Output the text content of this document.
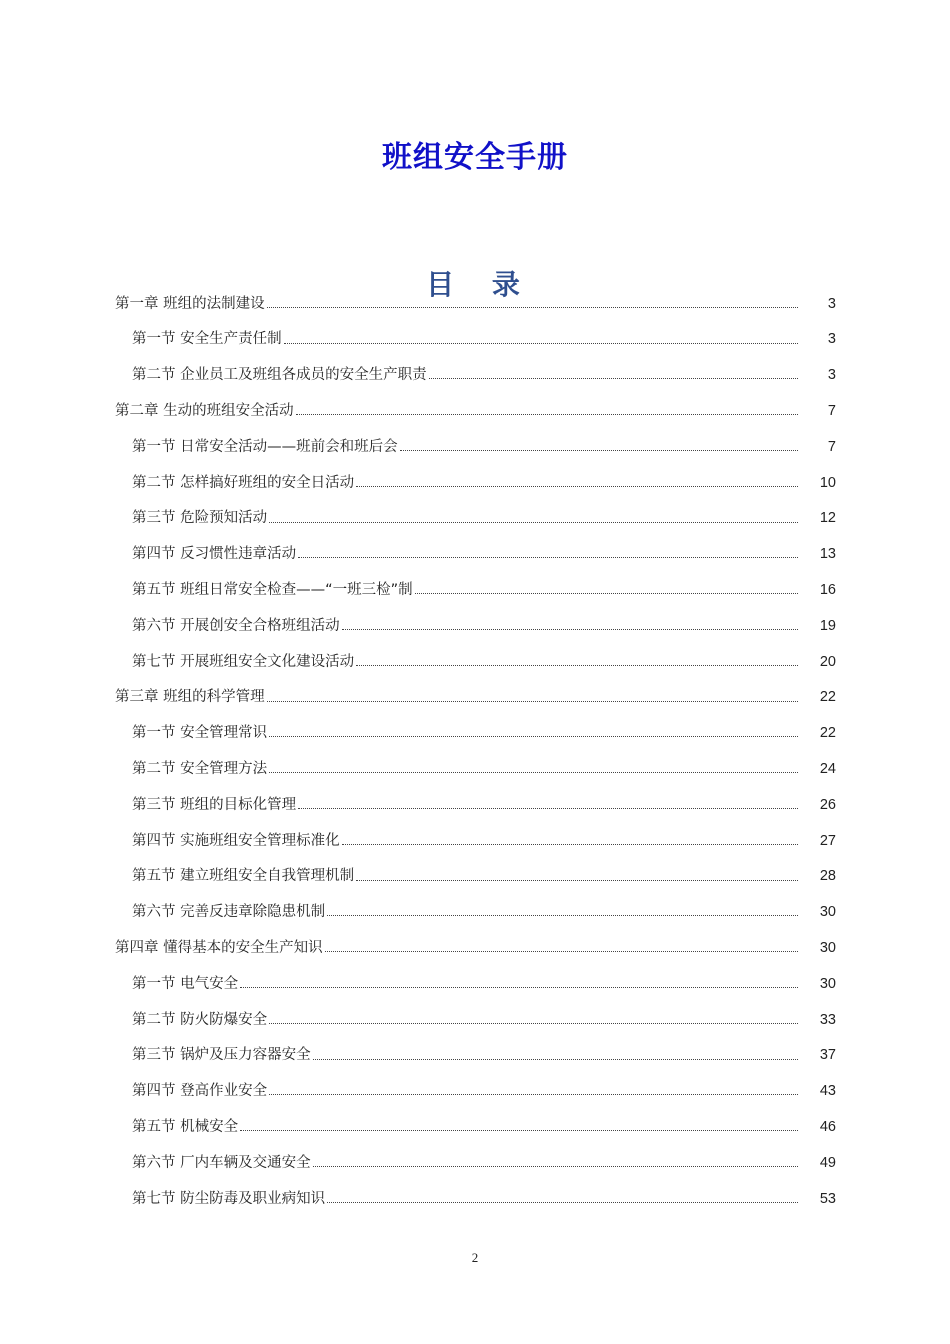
班组安全手册
目 录
第一章 班组的法制建设	3
第一节 安全生产责任制	3
第二节 企业员工及班组各成员的安全生产职责	3
第二章 生动的班组安全活动	7
第一节 日常安全活动——班前会和班后会	7
第二节 怎样搞好班组的安全日活动	10
第三节 危险预知活动	12
第四节 反习惯性违章活动	13
第五节 班组日常安全检查——“一班三检”制	16
第六节 开展创安全合格班组活动	19
第七节 开展班组安全文化建设活动	20
第三章 班组的科学管理	22
第一节 安全管理常识	22
第二节 安全管理方法	24
第三节 班组的目标化管理	26
第四节 实施班组安全管理标准化	27
第五节 建立班组安全自我管理机制	28
第六节 完善反违章除隐患机制	30
第四章 懂得基本的安全生产知识	30
第一节 电气安全	30
第二节 防火防爆安全	33
第三节 锅炉及压力容器安全	37
第四节 登高作业安全	43
第五节 机械安全	46
第六节 厂内车辆及交通安全	49
第七节 防尘防毒及职业病知识	53
2
